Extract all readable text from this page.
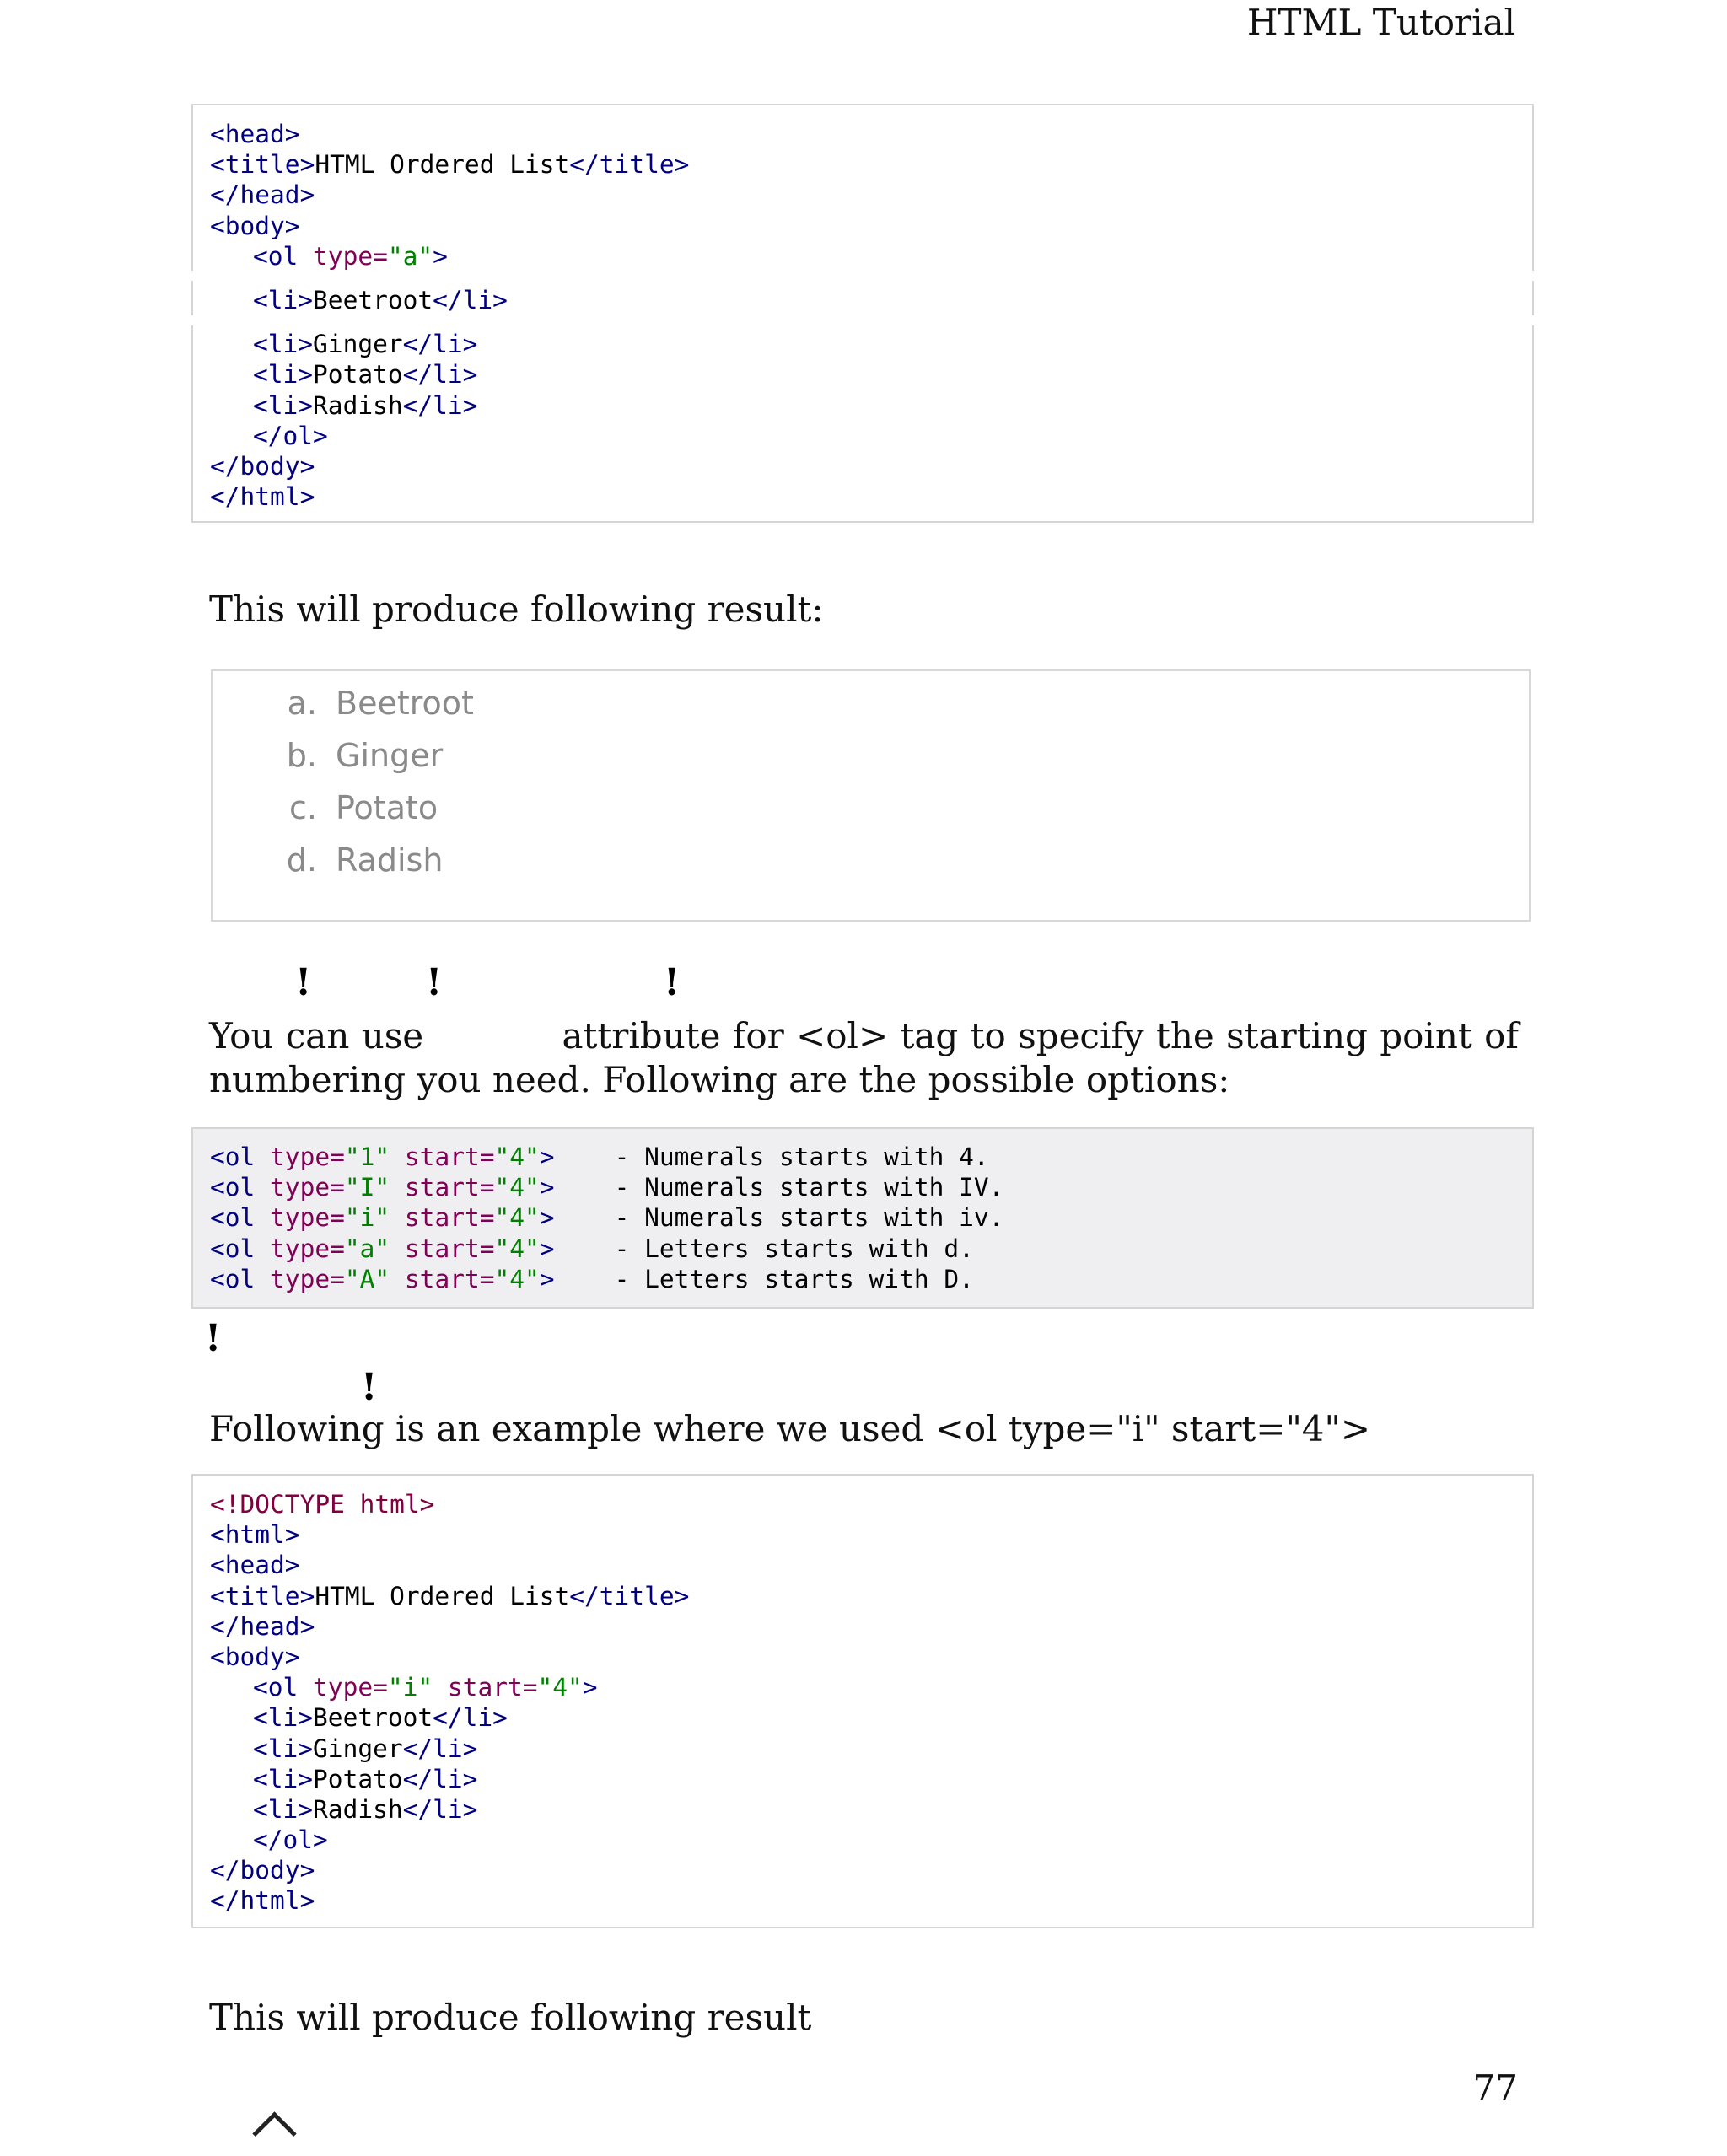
HTML Tutorial
<head>
<title>HTML Ordered List</title>
</head>
<body>
<ol type="a">
<li>Beetroot</li>
<li>Ginger</li>
<li>Potato</li>
<li>Radish</li>
</ol>
</body>
</html>
This will produce following result:
a. Beetroot
b. Ginger
c. Potato
d. Radish
!	!	!
You can use	attribute for <ol> tag to specify the starting point of
numbering you need. Following are the possible options:
<ol type="1" start="4">    - Numerals starts with 4.
<ol type="I" start="4">    - Numerals starts with IV.
<ol type="i" start="4">    - Numerals starts with iv.
<ol type="a" start="4">    - Letters starts with d.
<ol type="A" start="4">    - Letters starts with D.
!
!
Following is an example where we used <ol type="i" start="4">
<!DOCTYPE html>
<html>
<head>
<title>HTML Ordered List</title>
</head>
<body>
<ol type="i" start="4">
<li>Beetroot</li>
<li>Ginger</li>
<li>Potato</li>
<li>Radish</li>
</ol>
</body>
</html>
This will produce following result
77
